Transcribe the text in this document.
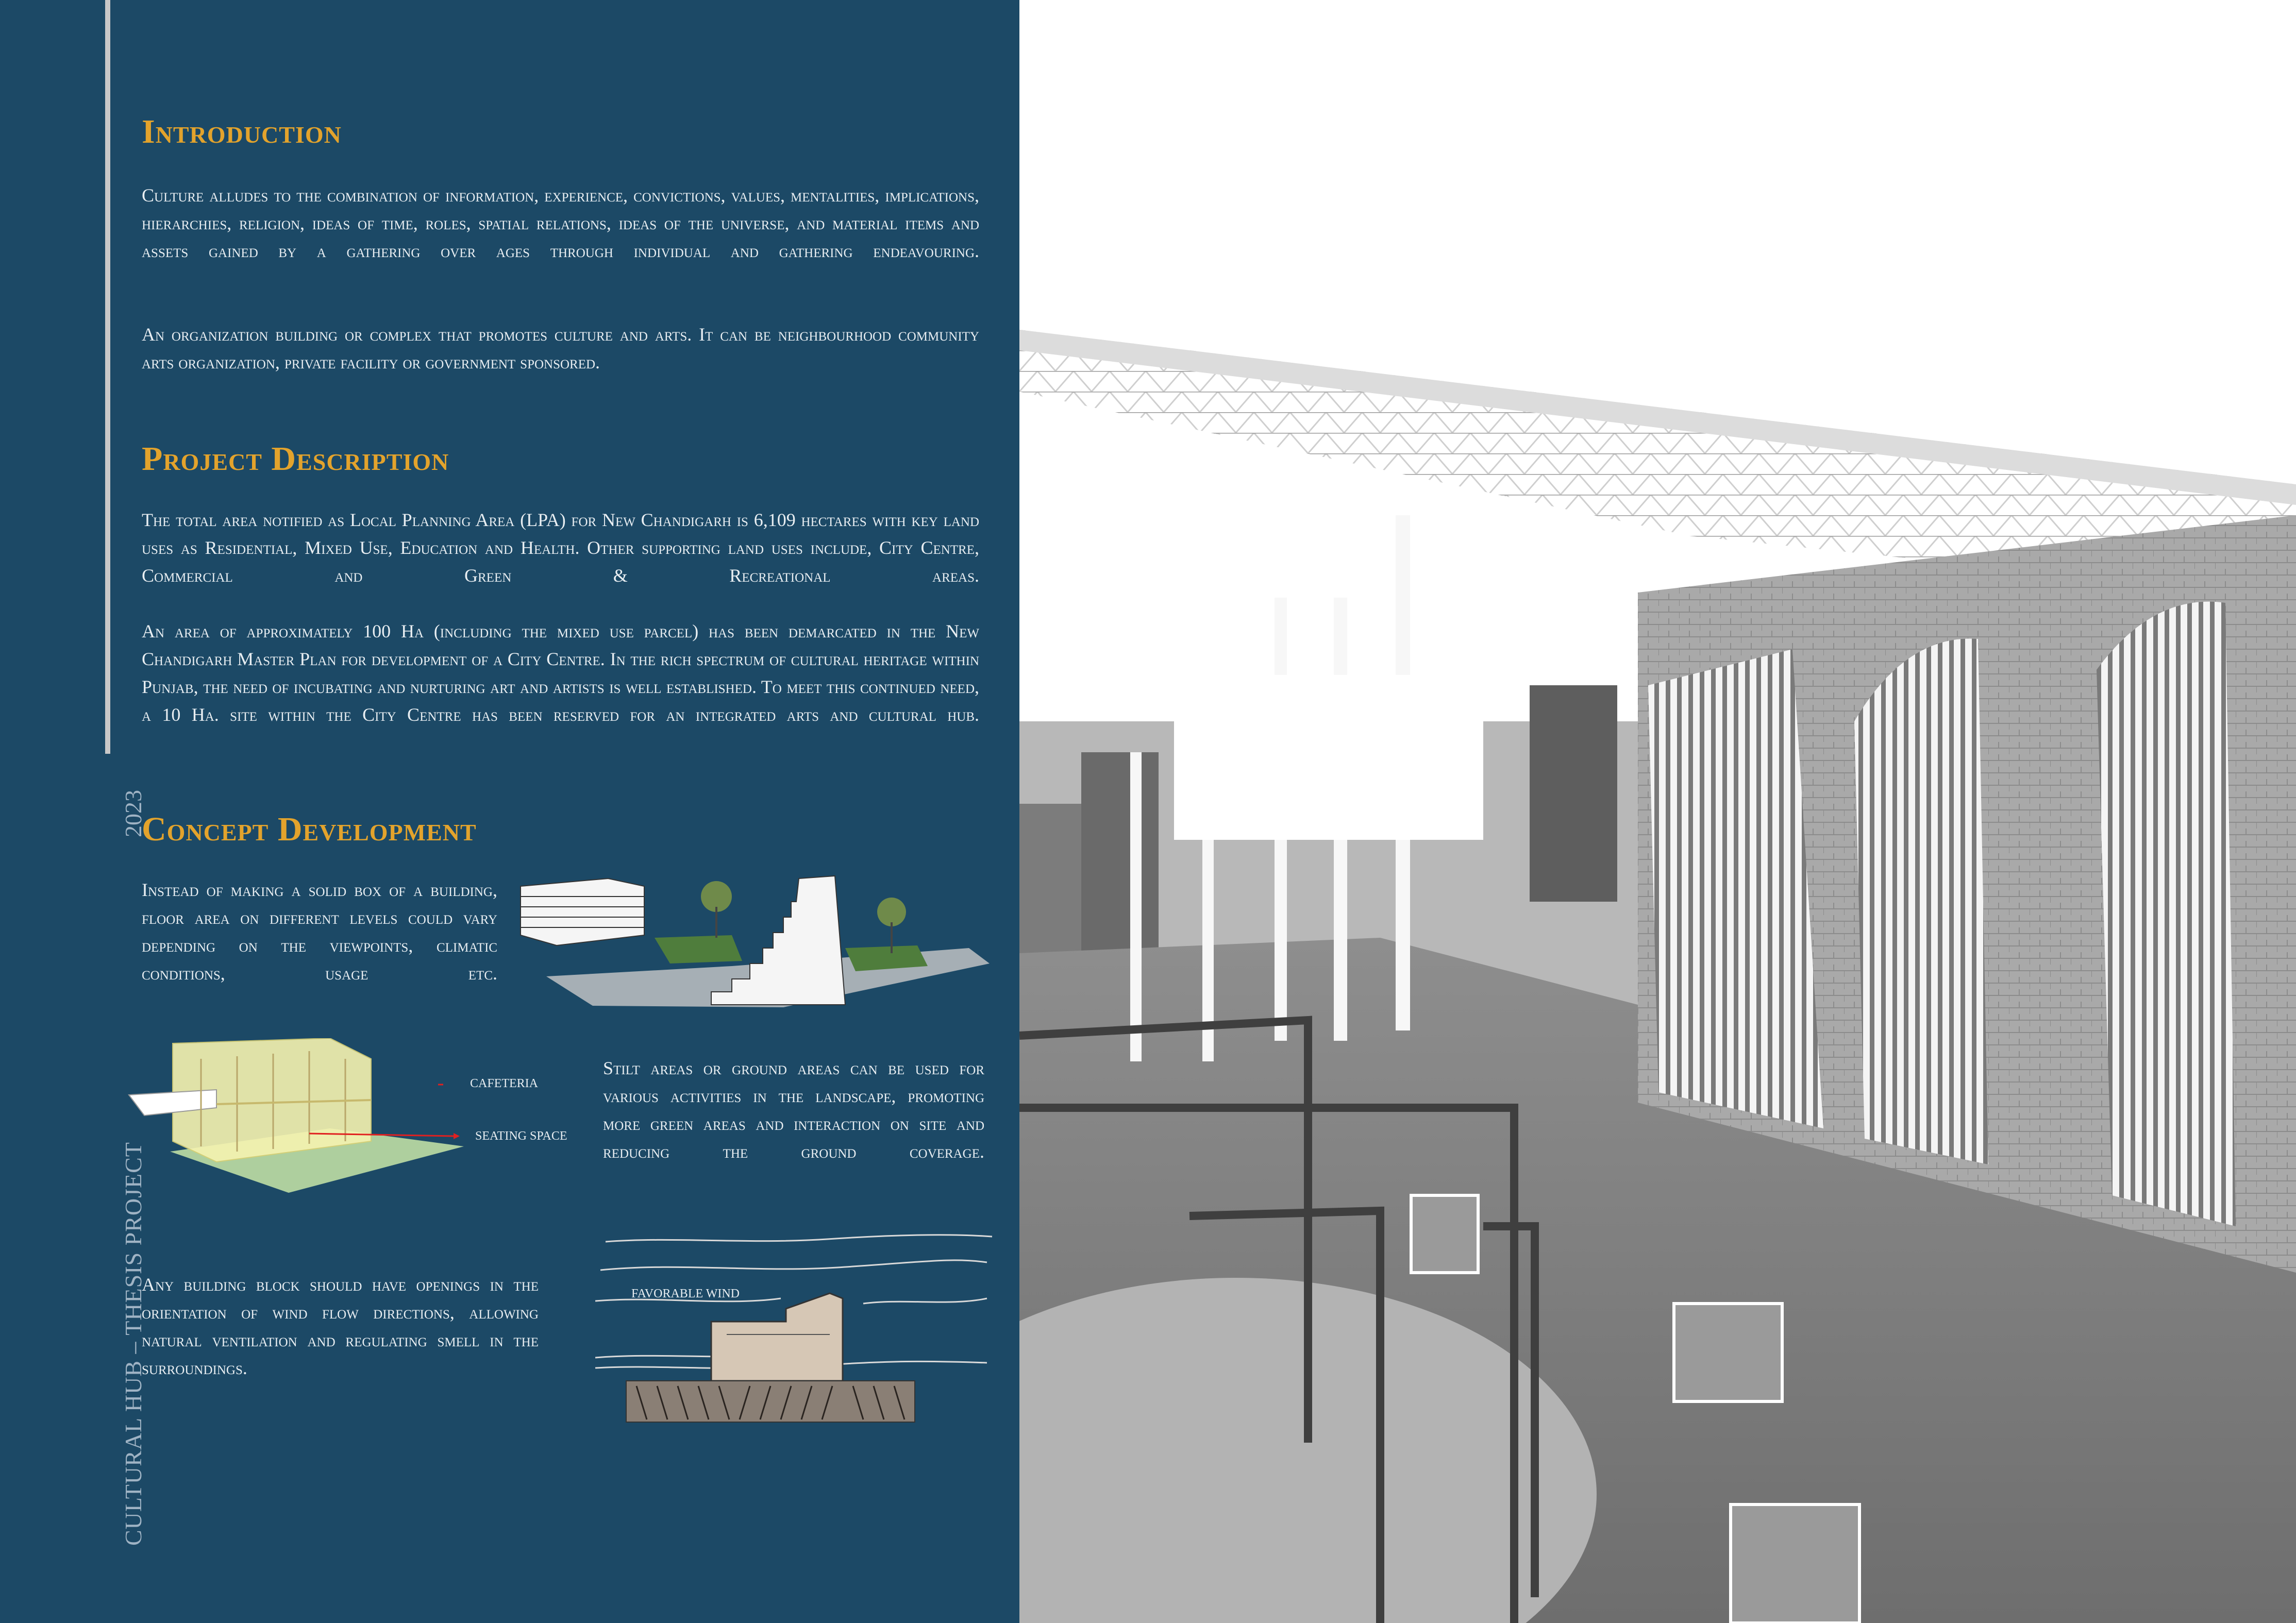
CULTURAL HUB – THESIS PROJECT
2023
Introduction

Culture alludes to the combination of information, experience, convictions, values, mentalities, implications, hierarchies, religion, ideas of time, roles, spatial relations, ideas of the universe, and material items and assets gained by a gathering over ages through individual and gathering endeavouring.

An organization building or complex that promotes culture and arts. It can be neighbourhood community arts organization, private facility or government sponsored.

Project Description

The total area notified as Local Planning Area (LPA) for New Chandigarh is 6,109 hectares with key land uses as Residential, Mixed Use, Education and Health. Other supporting land uses include, City Centre, Commercial and Green & Recreational areas.

An area of approximately 100 Ha (including the mixed use parcel) has been demarcated in the New Chandigarh Master Plan for development of a City Centre. In the rich spectrum of cultural heritage within Punjab, the need of incubating and nurturing art and artists is well established. To meet this continued need, a 10 Ha. site within the City Centre has been reserved for an integrated arts and cultural hub.

Concept Development

Instead of making a solid box of a building, floor area on different levels could vary depending on the viewpoints, climatic conditions, usage etc.

Stilt areas or ground areas can be used for various activities in the landscape, promoting more green areas and interaction on site and reducing the ground coverage.

Any building block should have openings in the orientation of wind flow directions, allowing natural ventilation and regulating smell in the surroundings.

CAFETERIA
SEATING SPACE
FAVORABLE WIND
